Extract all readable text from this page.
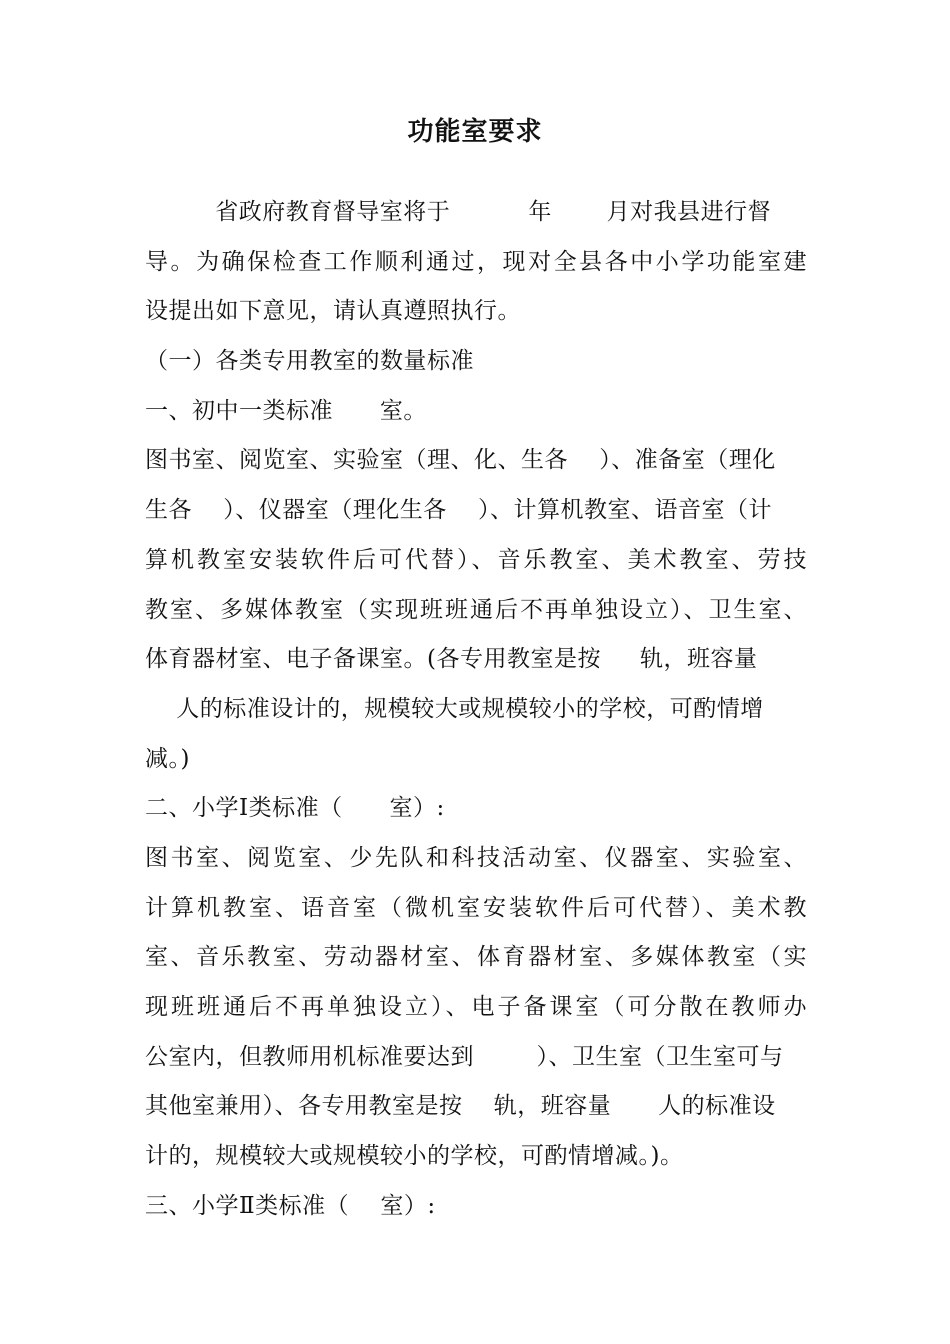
功能室要求
省政府教育督导室将于          年       月对我县进行督
导。为确保检查工作顺利通过，现对全县各中小学功能室建
设提出如下意见，请认真遵照执行。
（一）各类专用教室的数量标准
一、初中一类标准      室。
图书室、阅览室、实验室（理、化、生各    ）、准备室（理化
生各    ）、仪器室（理化生各    ）、计算机教室、语音室（计
算机教室安装软件后可代替）、音乐教室、美术教室、劳技
教室、多媒体教室（实现班班通后不再单独设立）、卫生室、
体育器材室、电子备课室。(各专用教室是按     轨，班容量
人的标准设计的，规模较大或规模较小的学校，可酌情增
减。)
二、小学Ⅰ类标准（      室）:
图书室、阅览室、少先队和科技活动室、仪器室、实验室、
计算机教室、语音室（微机室安装软件后可代替）、美术教
室、音乐教室、劳动器材室、体育器材室、多媒体教室（实
现班班通后不再单独设立）、电子备课室（可分散在教师办
公室内，但教师用机标准要达到        ）、卫生室（卫生室可与
其他室兼用）、各专用教室是按    轨，班容量      人的标准设
计的，规模较大或规模较小的学校，可酌情增减。)。
三、小学Ⅱ类标准（    室）:
